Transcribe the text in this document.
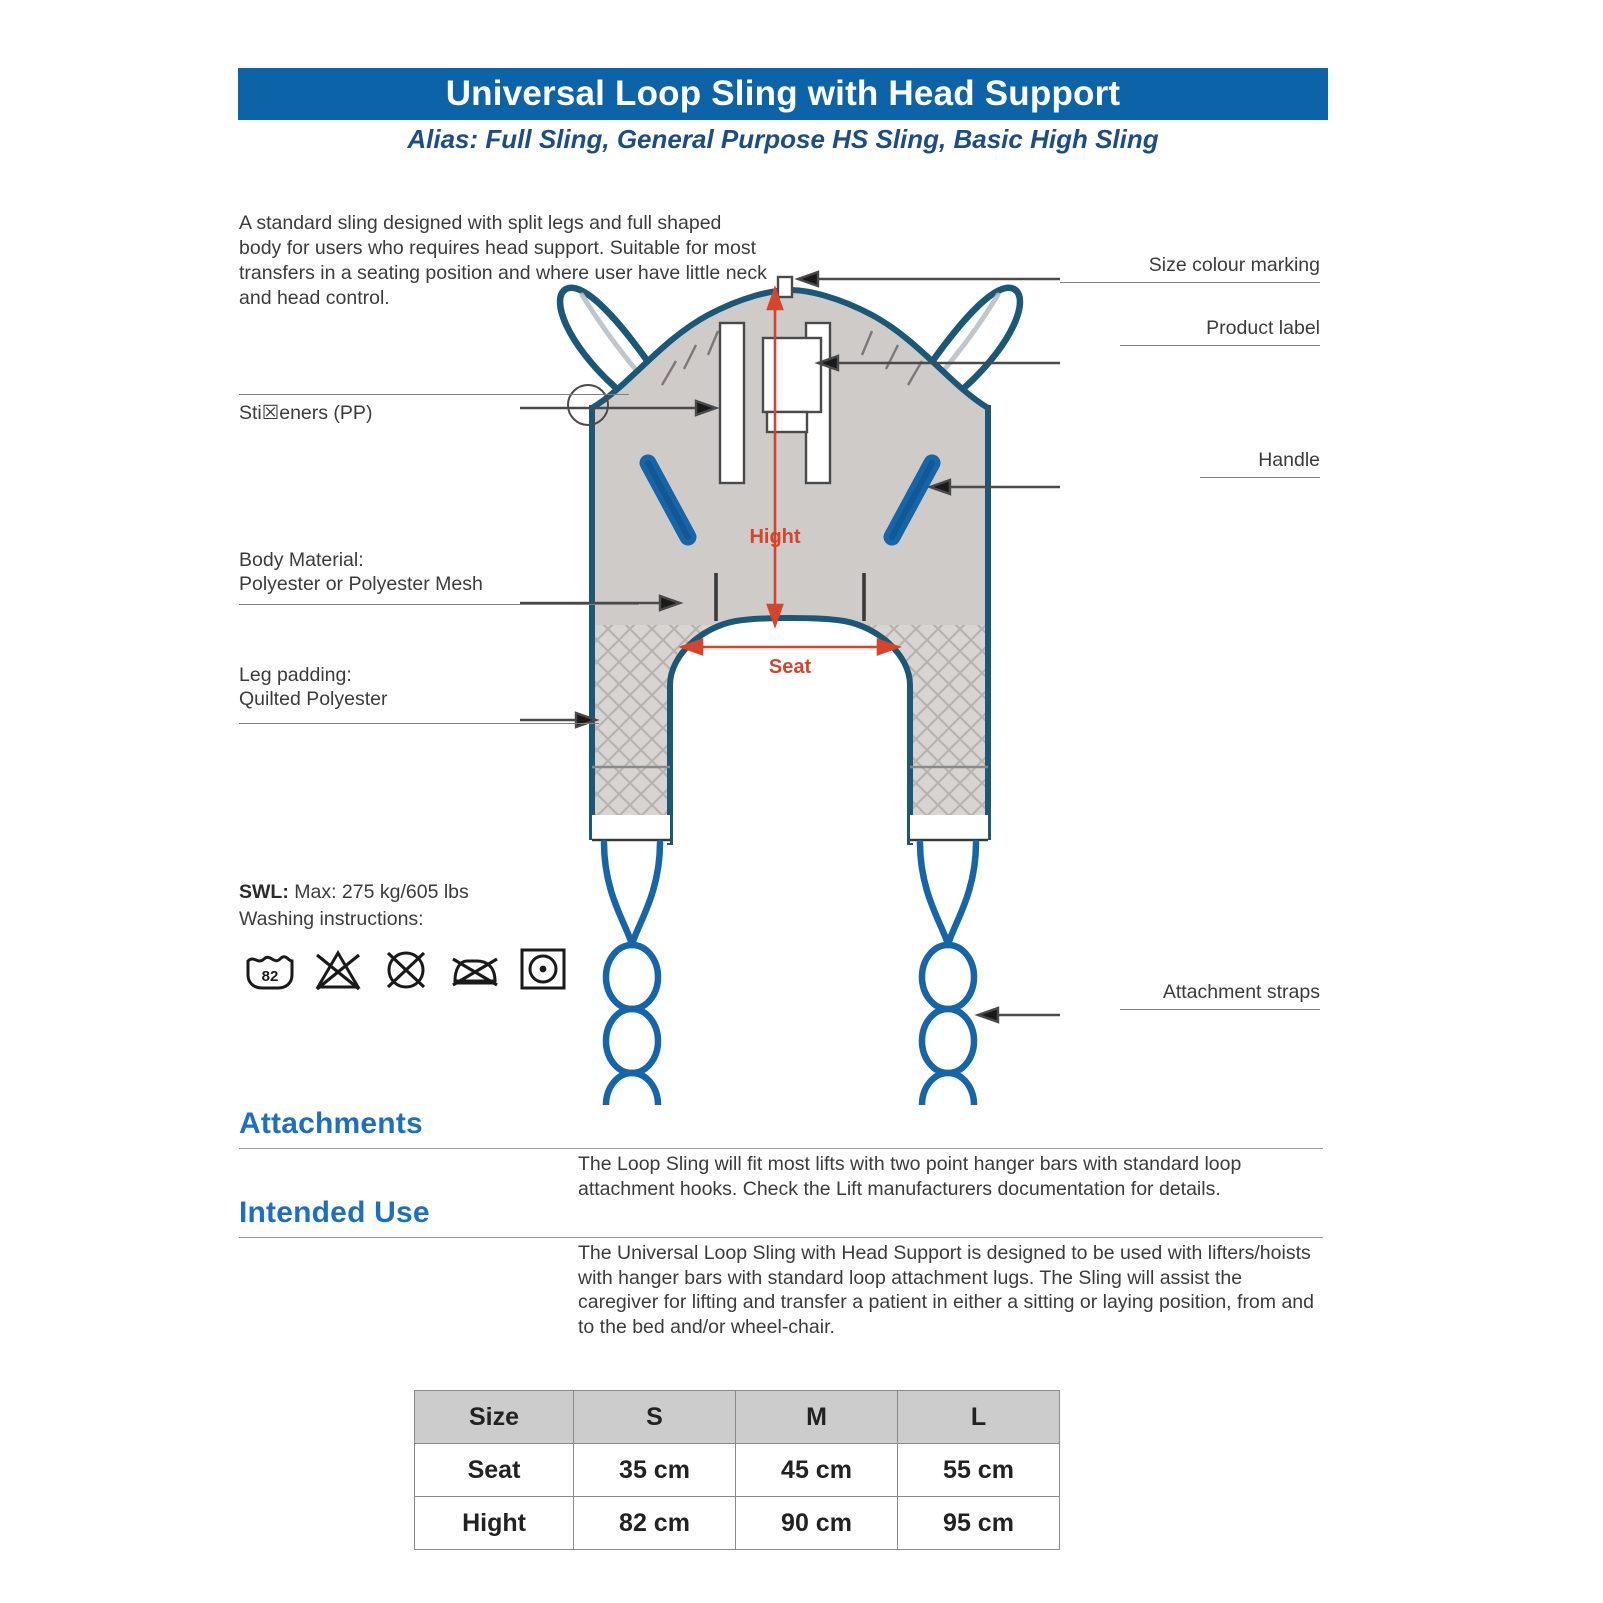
Universal Loop Sling with Head Support
Alias: Full Sling, General Purpose HS Sling, Basic High Sling
A standard sling designed with split legs and full shaped body for users who requires head support. Suitable for most transfers in a seating position and where user have little neck and head control.
Hight
Seat
Sti☒eners (PP)
Body Material:
Polyester or Polyester Mesh
Leg padding:
Quilted Polyester
Size colour marking
Product label
Handle
Attachment straps
SWL: Max: 275 kg/605 lbs
Washing instructions:
82
Attachments
The Loop Sling will fit most lifts with two point hanger bars with standard loop attachment hooks. Check the Lift manufacturers documentation for details.
Intended Use
The Universal Loop Sling with Head Support is designed to be used with lifters/hoists with hanger bars with standard loop attachment lugs. The Sling will assist the caregiver for lifting and transfer a patient in either a sitting or laying position, from and to the bed and/or wheel-chair.
Size	S	M	L
Seat	35 cm	45 cm	55 cm
Hight	82 cm	90 cm	95 cm
